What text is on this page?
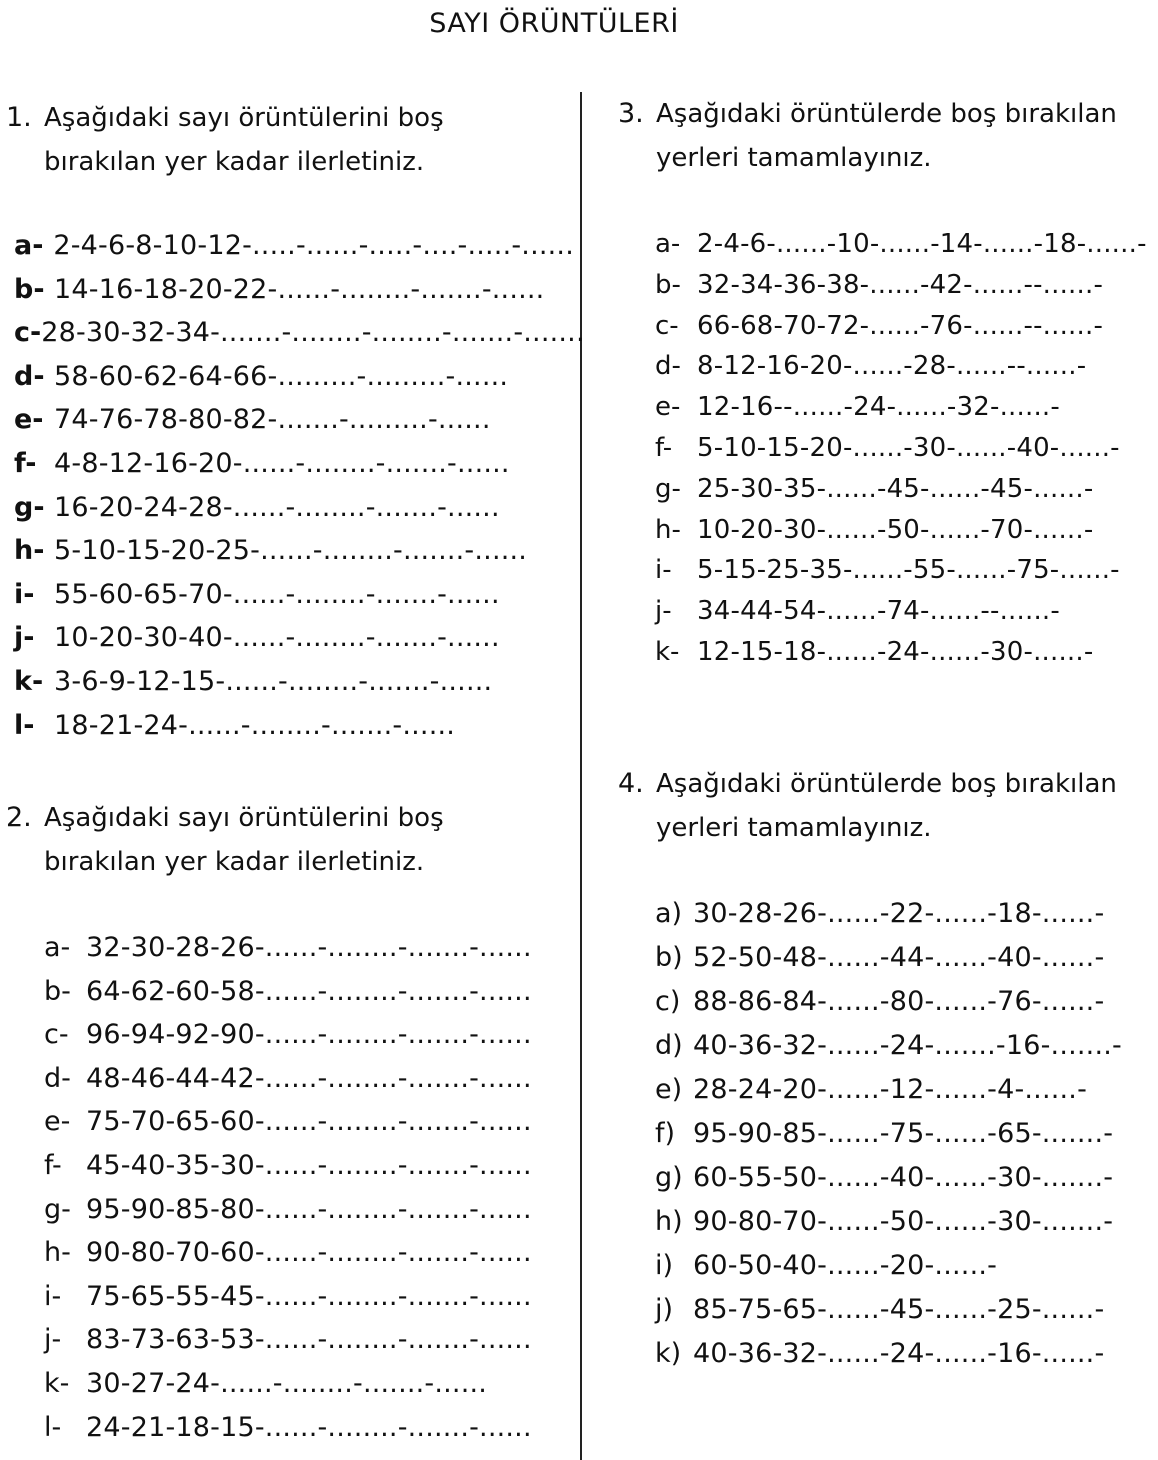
SAYI ÖRÜNTÜLERİ
1. Aşağıdaki sayı örüntülerini boş
bırakılan yer kadar ilerletiniz.
a- 2-4-6-8-10-12-.....-......-.....-....-.....-......
b- 14-16-18-20-22-......-........-.......-......
c- 28-30-32-34-.......-........-........-.......-.......
d- 58-60-62-64-66-.........-.........-......
e- 74-76-78-80-82-.......-.........-......
f- 4-8-12-16-20-......-........-.......-......
g- 16-20-24-28-......-........-.......-......
h- 5-10-15-20-25-......-........-.......-......
i- 55-60-65-70-......-........-.......-......
j- 10-20-30-40-......-........-.......-......
k- 3-6-9-12-15-......-........-.......-......
l- 18-21-24-......-........-.......-......
2. Aşağıdaki sayı örüntülerini boş
bırakılan yer kadar ilerletiniz.
a- 32-30-28-26-......-........-.......-......
b- 64-62-60-58-......-........-.......-......
c- 96-94-92-90-......-........-.......-......
d- 48-46-44-42-......-........-.......-......
e- 75-70-65-60-......-........-.......-......
f- 45-40-35-30-......-........-.......-......
g- 95-90-85-80-......-........-.......-......
h- 90-80-70-60-......-........-.......-......
i- 75-65-55-45-......-........-.......-......
j- 83-73-63-53-......-........-.......-......
k- 30-27-24-......-........-.......-......
l- 24-21-18-15-......-........-.......-......
3. Aşağıdaki örüntülerde boş bırakılan
yerleri tamamlayınız.
a- 2-4-6-......-10-......-14-......-18-......-
b- 32-34-36-38-......-42-......--......-
c- 66-68-70-72-......-76-......--......-
d- 8-12-16-20-......-28-......--......-
e- 12-16--......-24-......-32-......-
f- 5-10-15-20-......-30-......-40-......-
g- 25-30-35-......-45-......-45-......-
h- 10-20-30-......-50-......-70-......-
i- 5-15-25-35-......-55-......-75-......-
j- 34-44-54-......-74-......--......-
k- 12-15-18-......-24-......-30-......-
4. Aşağıdaki örüntülerde boş bırakılan
yerleri tamamlayınız.
a) 30-28-26-......-22-......-18-......-
b) 52-50-48-......-44-......-40-......-
c) 88-86-84-......-80-......-76-......-
d) 40-36-32-......-24-.......-16-.......-
e) 28-24-20-......-12-......-4-......-
f) 95-90-85-......-75-......-65-.......-
g) 60-55-50-......-40-......-30-.......-
h) 90-80-70-......-50-......-30-.......-
i) 60-50-40-......-20-......-
j) 85-75-65-......-45-......-25-......-
k) 40-36-32-......-24-......-16-......-
